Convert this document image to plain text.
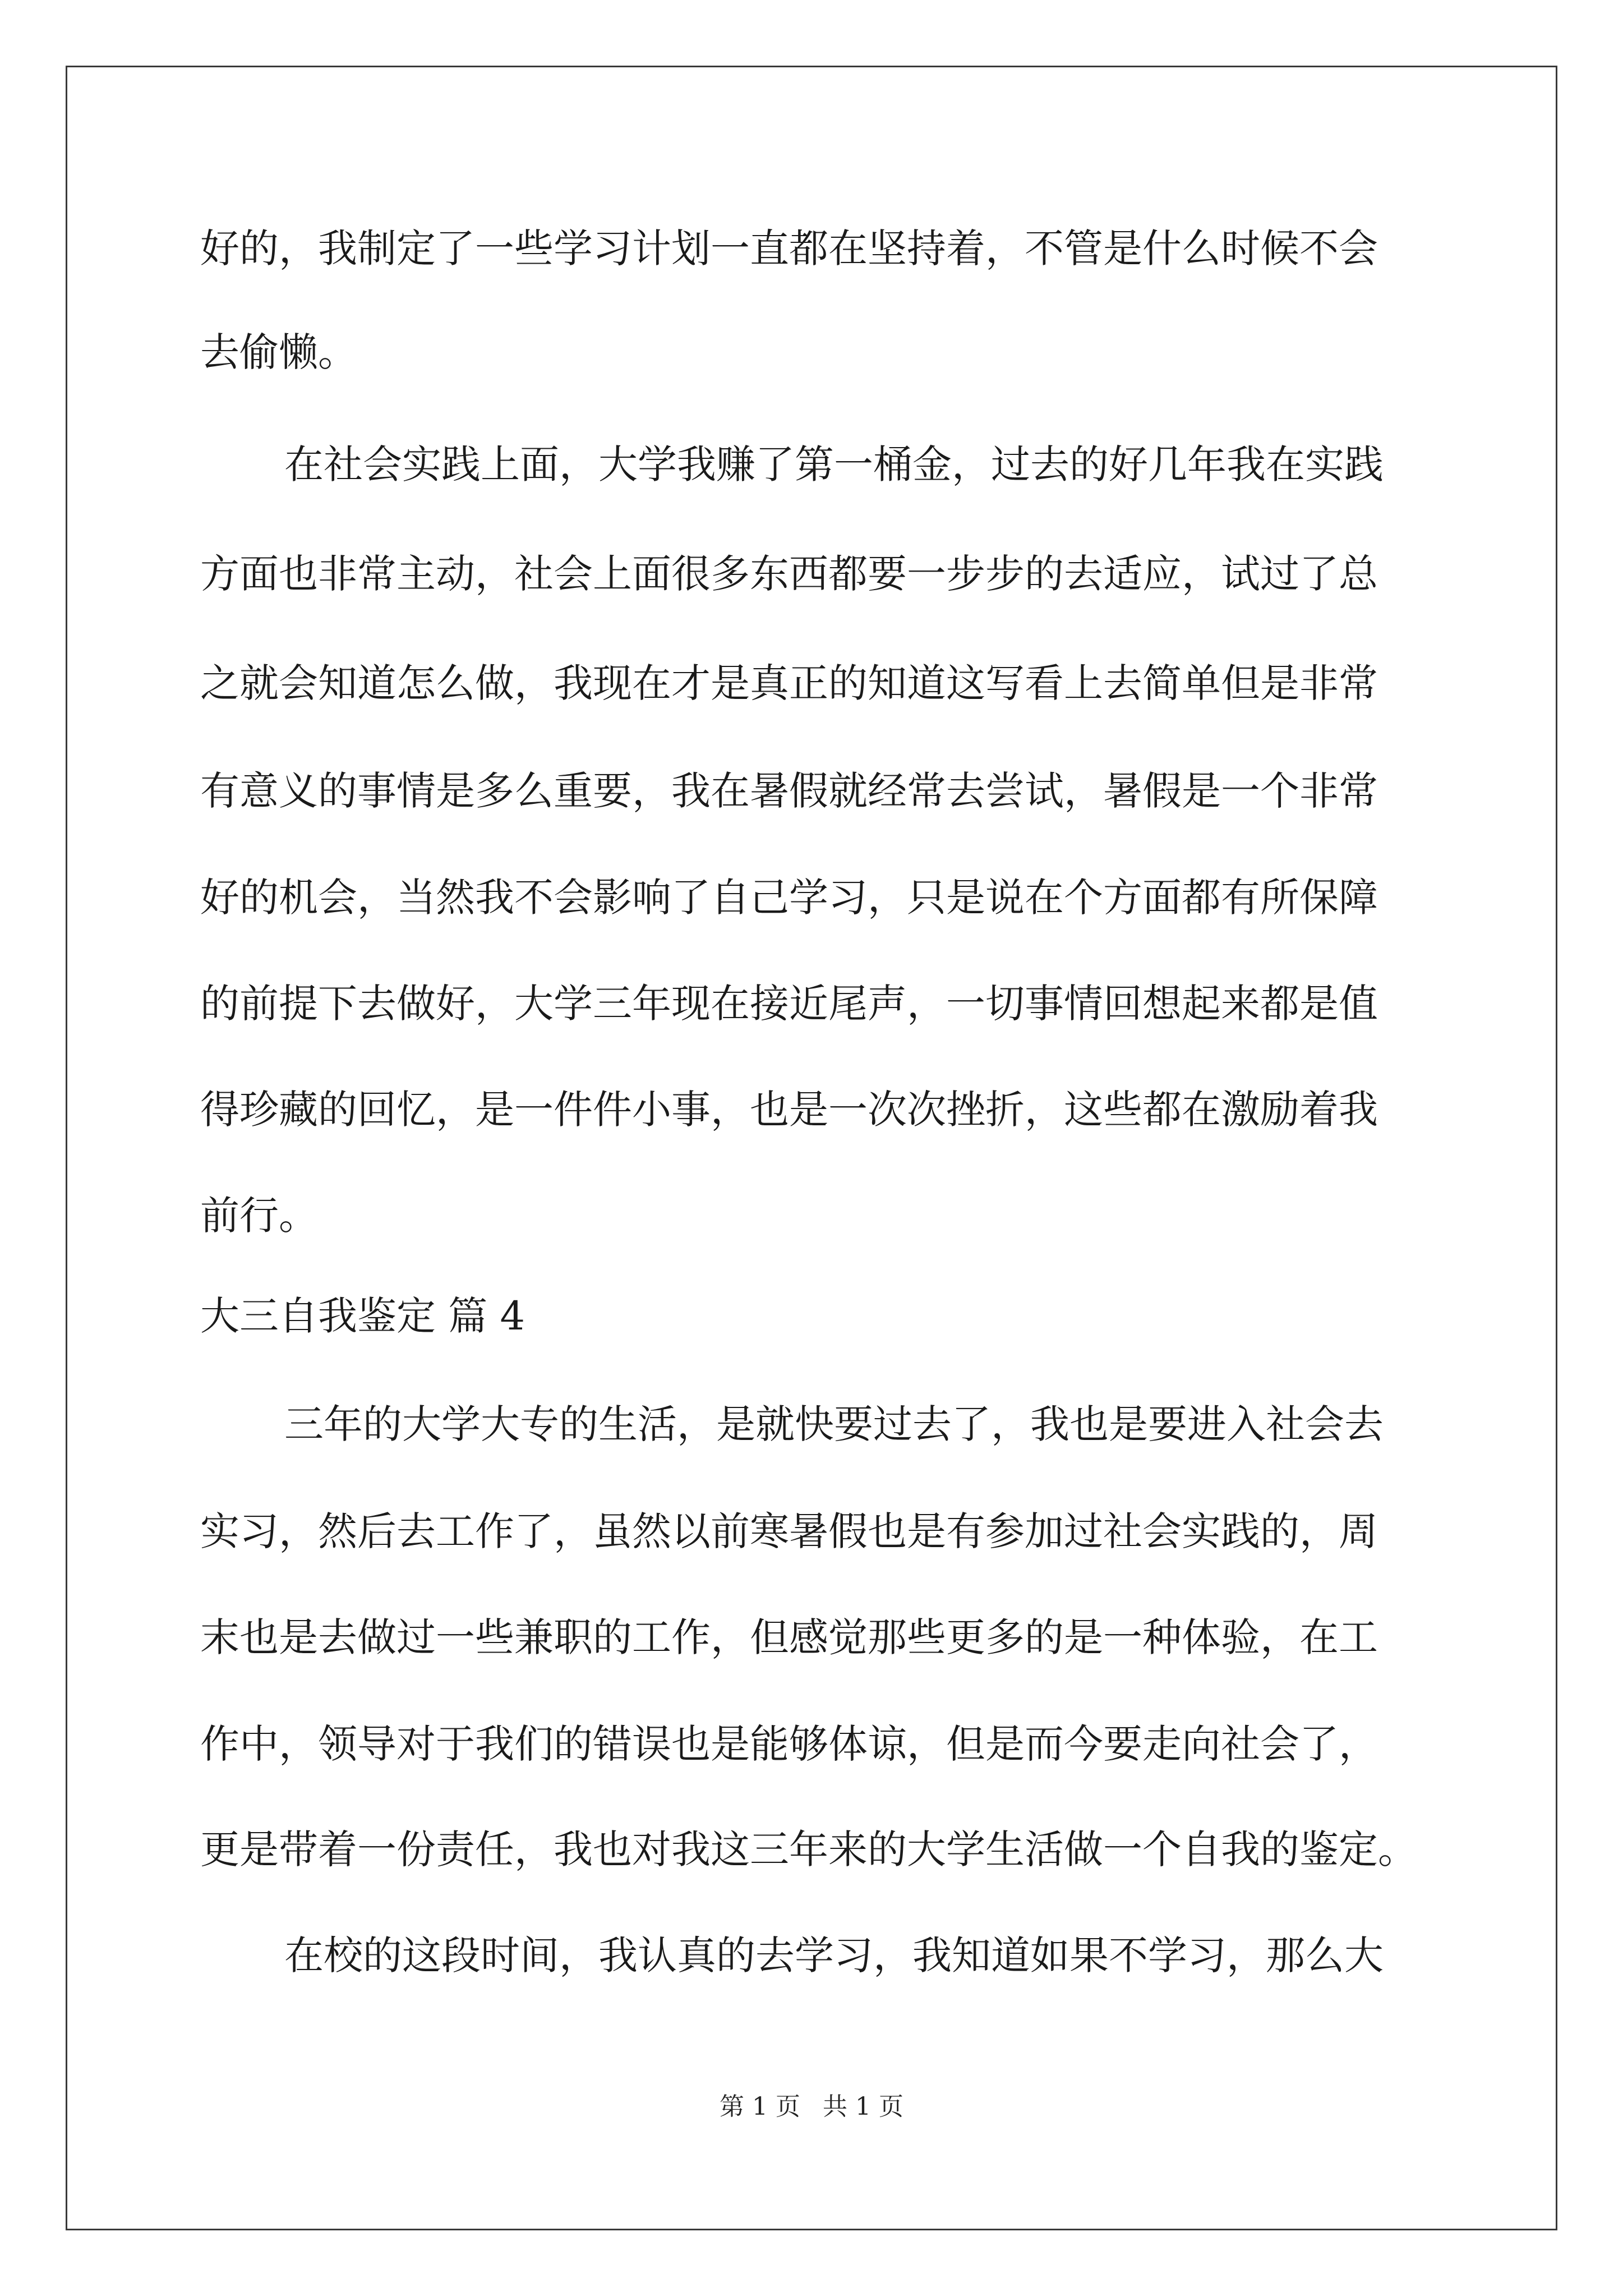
好的，我制定了一些学习计划一直都在坚持着，不管是什么时候不会
去偷懒。
在社会实践上面，大学我赚了第一桶金，过去的好几年我在实践
方面也非常主动，社会上面很多东西都要一步步的去适应，试过了总
之就会知道怎么做，我现在才是真正的知道这写看上去简单但是非常
有意义的事情是多么重要，我在暑假就经常去尝试，暑假是一个非常
好的机会，当然我不会影响了自己学习，只是说在个方面都有所保障
的前提下去做好，大学三年现在接近尾声，一切事情回想起来都是值
得珍藏的回忆，是一件件小事，也是一次次挫折，这些都在激励着我
前行。
大三自我鉴定 篇 4
三年的大学大专的生活，是就快要过去了，我也是要进入社会去
实习，然后去工作了，虽然以前寒暑假也是有参加过社会实践的，周
末也是去做过一些兼职的工作，但感觉那些更多的是一种体验，在工
作中，领导对于我们的错误也是能够体谅，但是而今要走向社会了，
更是带着一份责任，我也对我这三年来的大学生活做一个自我的鉴定。
在校的这段时间，我认真的去学习，我知道如果不学习，那么大
第 1 页 共 1 页
